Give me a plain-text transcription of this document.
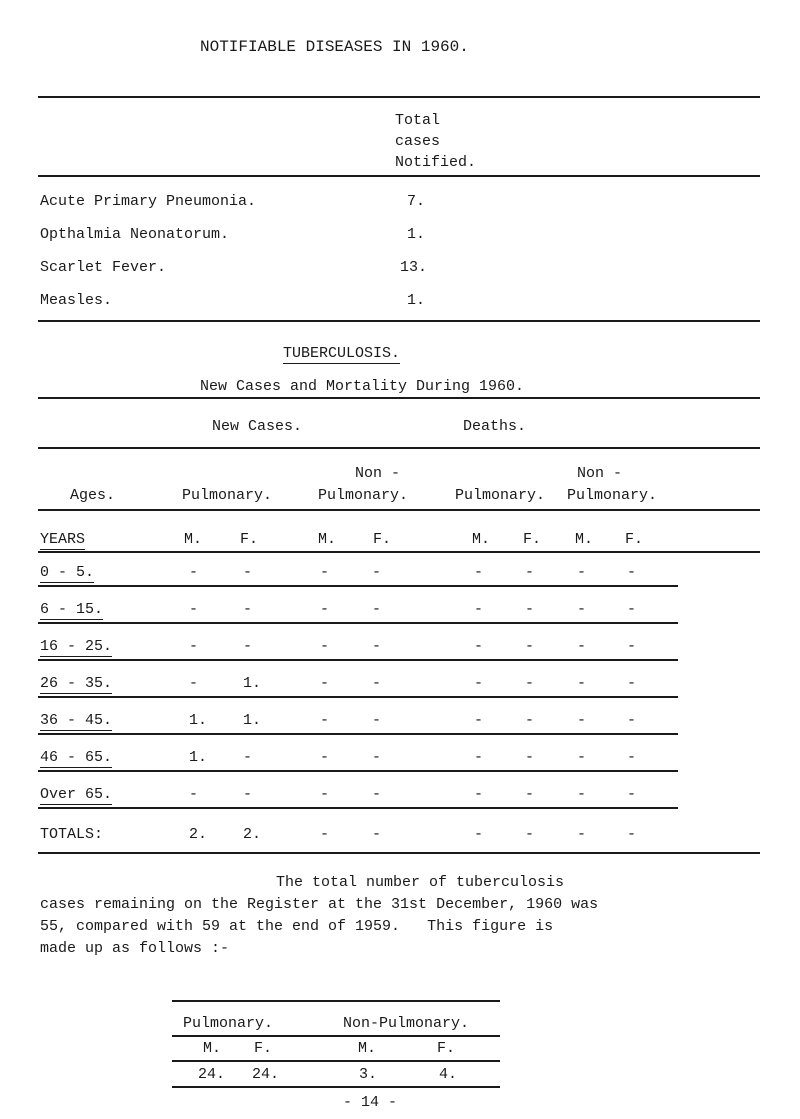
NOTIFIABLE DISEASES IN 1960.
Total
cases
Notified.
Acute Primary Pneumonia.	7.
Opthalmia Neonatorum.	1.
Scarlet Fever.	13.
Measles.	1.
TUBERCULOSIS.
New Cases and Mortality During 1960.
New Cases.	Deaths.
Non -	Non -
Ages.	Pulmonary.	Pulmonary.	Pulmonary. Pulmonary.
YEARS	M.	F.	M. F.	M. F. M. F.
0 - 5.	-	-	-	-	-	-	-	-
6 - 15.	-	-	-	-	-	-	-	-
16 - 25.	-	-	-	-	-	-	-	-
26 - 35.	-	1.	-	-	-	-	-	-
36 - 45.	1. 1.	-	-	-	-	-	-
46 - 65.	1. -	-	-	-	-	-	-
Over 65.	-	-	-	-	-	-	-	-
TOTALS:	2. 2.	-	-	-	-	-	-
The total number of tuberculosis
cases remaining on the Register at the 31st December, 1960 was
55, compared with 59 at the end of 1959.   This figure is
made up as follows :-
Pulmonary.	Non-Pulmonary.
M. F.	M.	F.
24. 24.	3.	4.
- 14 -
